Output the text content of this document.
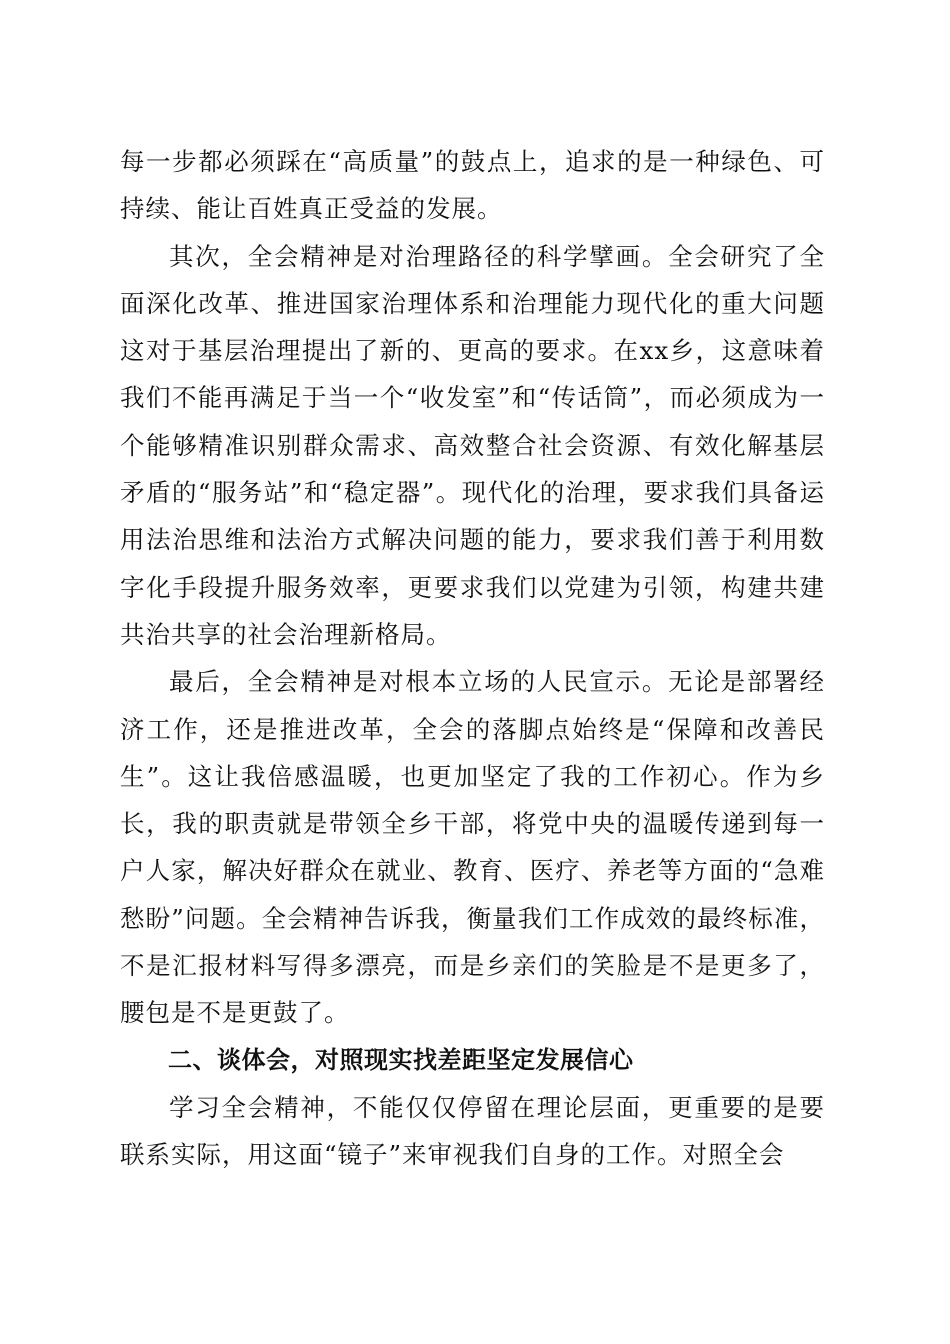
每一步都必须踩在“高质量”的鼓点上，追求的是一种绿色、可持续、能让百姓真正受益的发展。

其次，全会精神是对治理路径的科学擘画。全会研究了全面深化改革、推进国家治理体系和治理能力现代化的重大问题这对于基层治理提出了新的、更高的要求。在xx乡，这意味着我们不能再满足于当一个“收发室”和“传话筒”，而必须成为一个能够精准识别群众需求、高效整合社会资源、有效化解基层矛盾的“服务站”和“稳定器”。现代化的治理，要求我们具备运用法治思维和法治方式解决问题的能力，要求我们善于利用数字化手段提升服务效率，更要求我们以党建为引领，构建共建共治共享的社会治理新格局。

最后，全会精神是对根本立场的人民宣示。无论是部署经济工作，还是推进改革，全会的落脚点始终是“保障和改善民生”。这让我倍感温暖，也更加坚定了我的工作初心。作为乡长，我的职责就是带领全乡干部，将党中央的温暖传递到每一户人家，解决好群众在就业、教育、医疗、养老等方面的“急难愁盼”问题。全会精神告诉我，衡量我们工作成效的最终标准，不是汇报材料写得多漂亮，而是乡亲们的笑脸是不是更多了，腰包是不是更鼓了。

二、谈体会，对照现实找差距坚定发展信心

学习全会精神，不能仅仅停留在理论层面，更重要的是要联系实际，用这面“镜子”来审视我们自身的工作。对照全会
